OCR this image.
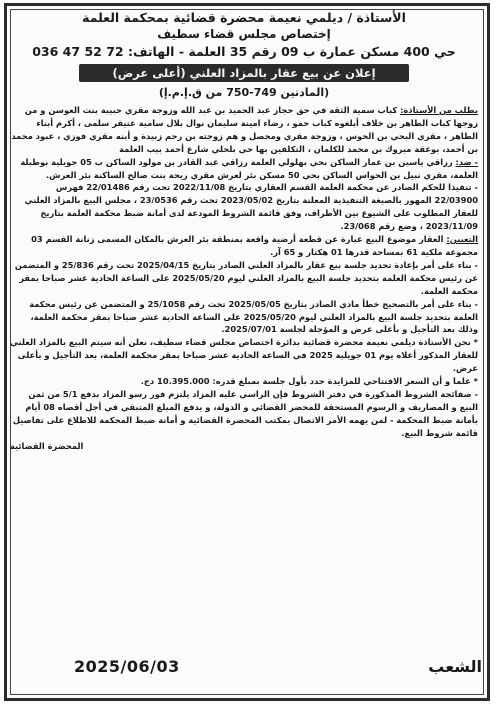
الأستاذة / ديلمي نعيمة محضرة قضائية بمحكمة العلمة
إختصاص مجلس قضاء سطيف
حي 400 مسكن عمارة ب 09 رقم 35 العلمة - الهاتف: 72 52 47 036
إعلان عن بيع عقار بالمزاد العلني (أعلى عرض)
(المادتين 749-750 من ق.إ.م.إ)

بطلب من الأستاذة: كباب سمية الثقة في حق حجاز عبد الحميد بن عبد الله وزوجة مقري حبيبة بنت العوسن و من زوجها كباب الطاهر بن خلاف أبلغوه كباب حمو ، رضاء امينة سليمان نوال بلال سامية عتيقر سلمى ، أكرم أبناء الطاهر ، مقري البحي بن الحوس ، وزوجة مقري ومحصل و هم زوجته بن رحم زبيدة و أبنه مقري فوزي ، عبود محمد بن أحمد، بوعقة ميروك بن محمد للكلمان ، التكلفين بها حي بلحلي شارع أحمد بيب العلمة

- ضد: رزاقي ياسين بن عمار الساكن بحي بهلولي العلمة رزاقي عبد القادر بن مولود الساكن ب 05 جويلية بوطبلة العلمة، مقري نبيل بن الحواس الساكن بحي 50 مسكن بئر لعرش مقري ريحة بنت صالح الساكنة بئر العرش.

- تنفيذا للحكم الصادر عن محكمة العلمة القسم العقاري بتاريخ 2022/11/08 تحت رقم 22/01486 فهرس 22/03900 المهور بالصيغة التنفيذية المعلنة بتاريخ 2023/05/02 تحت رقم 23/0536 ، مجلس البيع بالمزاد العلني للعقار المطلوب على الشيوع بين الأطراف، وفق قائمة الشروط المودعة لدى أمانة ضبط محكمة العلمة بتاريخ 2023/11/09 ، وضع رقم 23/068.

التعيين: العقار موضوع البيع عبارة عن قطعة أرضية واقعة بمنطقة بئر العرش بالمكان المسمى زنانة القسم 03 مجموعة ملكية 61 بمساحة قدرها 01 هكتار و 65 آر.

- بناء على أمر بإعادة تحديد جلسة بيع عقار بالمزاد العلني الصادر بتاريخ 2025/04/15 تحت رقم 25/836 و المتضمن عن رئيس محكمة العلمة بتحديد جلسة البيع بالمزاد العلني ليوم 2025/05/20 على الساعة الحادية عشر صباحا بمقر محكمة العلمة.

- بناء على أمر بالتصحيح خطأ مادي الصادر بتاريخ 2025/05/05 تحت رقم 25/1058 و المتضمن عن رئيس محكمة العلمة بتحديد جلسة البيع بالمزاد العلني ليوم 2025/05/20 على الساعة الحادية عشر صباحا بمقر محكمة العلمة، وذلك بعد التأجيل و بأعلى عرض و المؤجلة لجلسة 2025/07/01.

* نحن الأستاذة ديلمي نعيمة محضرة قضائية بدائرة اختصاص مجلس قضاء سطيف، نعلن أنه سيتم البيع بالمزاد العلني للعقار المذكور أعلاه يوم 01 جويلية 2025 في الساعة الحادية عشر صباحا بمقر محكمة العلمة، بعد التأجيل و بأعلى عرض.

* علما و أن السعر الافتتاحي للمزايدة حدد بأول جلسة بمبلغ قدره: 10.395.000 دج.

- صفائحة الشروط المذكورة في دفتر الشروط فإن الراسي عليه المزاد يلتزم فور رسو المزاد بدفع 5/1 من ثمن البيع و المصاريف و الرسوم المستحقة للمحضر القضائي و الدولة، و يدفع المبلغ المتبقي في أجل أقصاه 08 أيام بأمانة ضبط المحكمة - لمن يهمه الأمر الاتصال بمكتب المحضرة القضائية و أمانة ضبط المحكمة للاطلاع على تفاصيل قائمة شروط البيع.

المحضرة القضائية

الشعب
2025/06/03
